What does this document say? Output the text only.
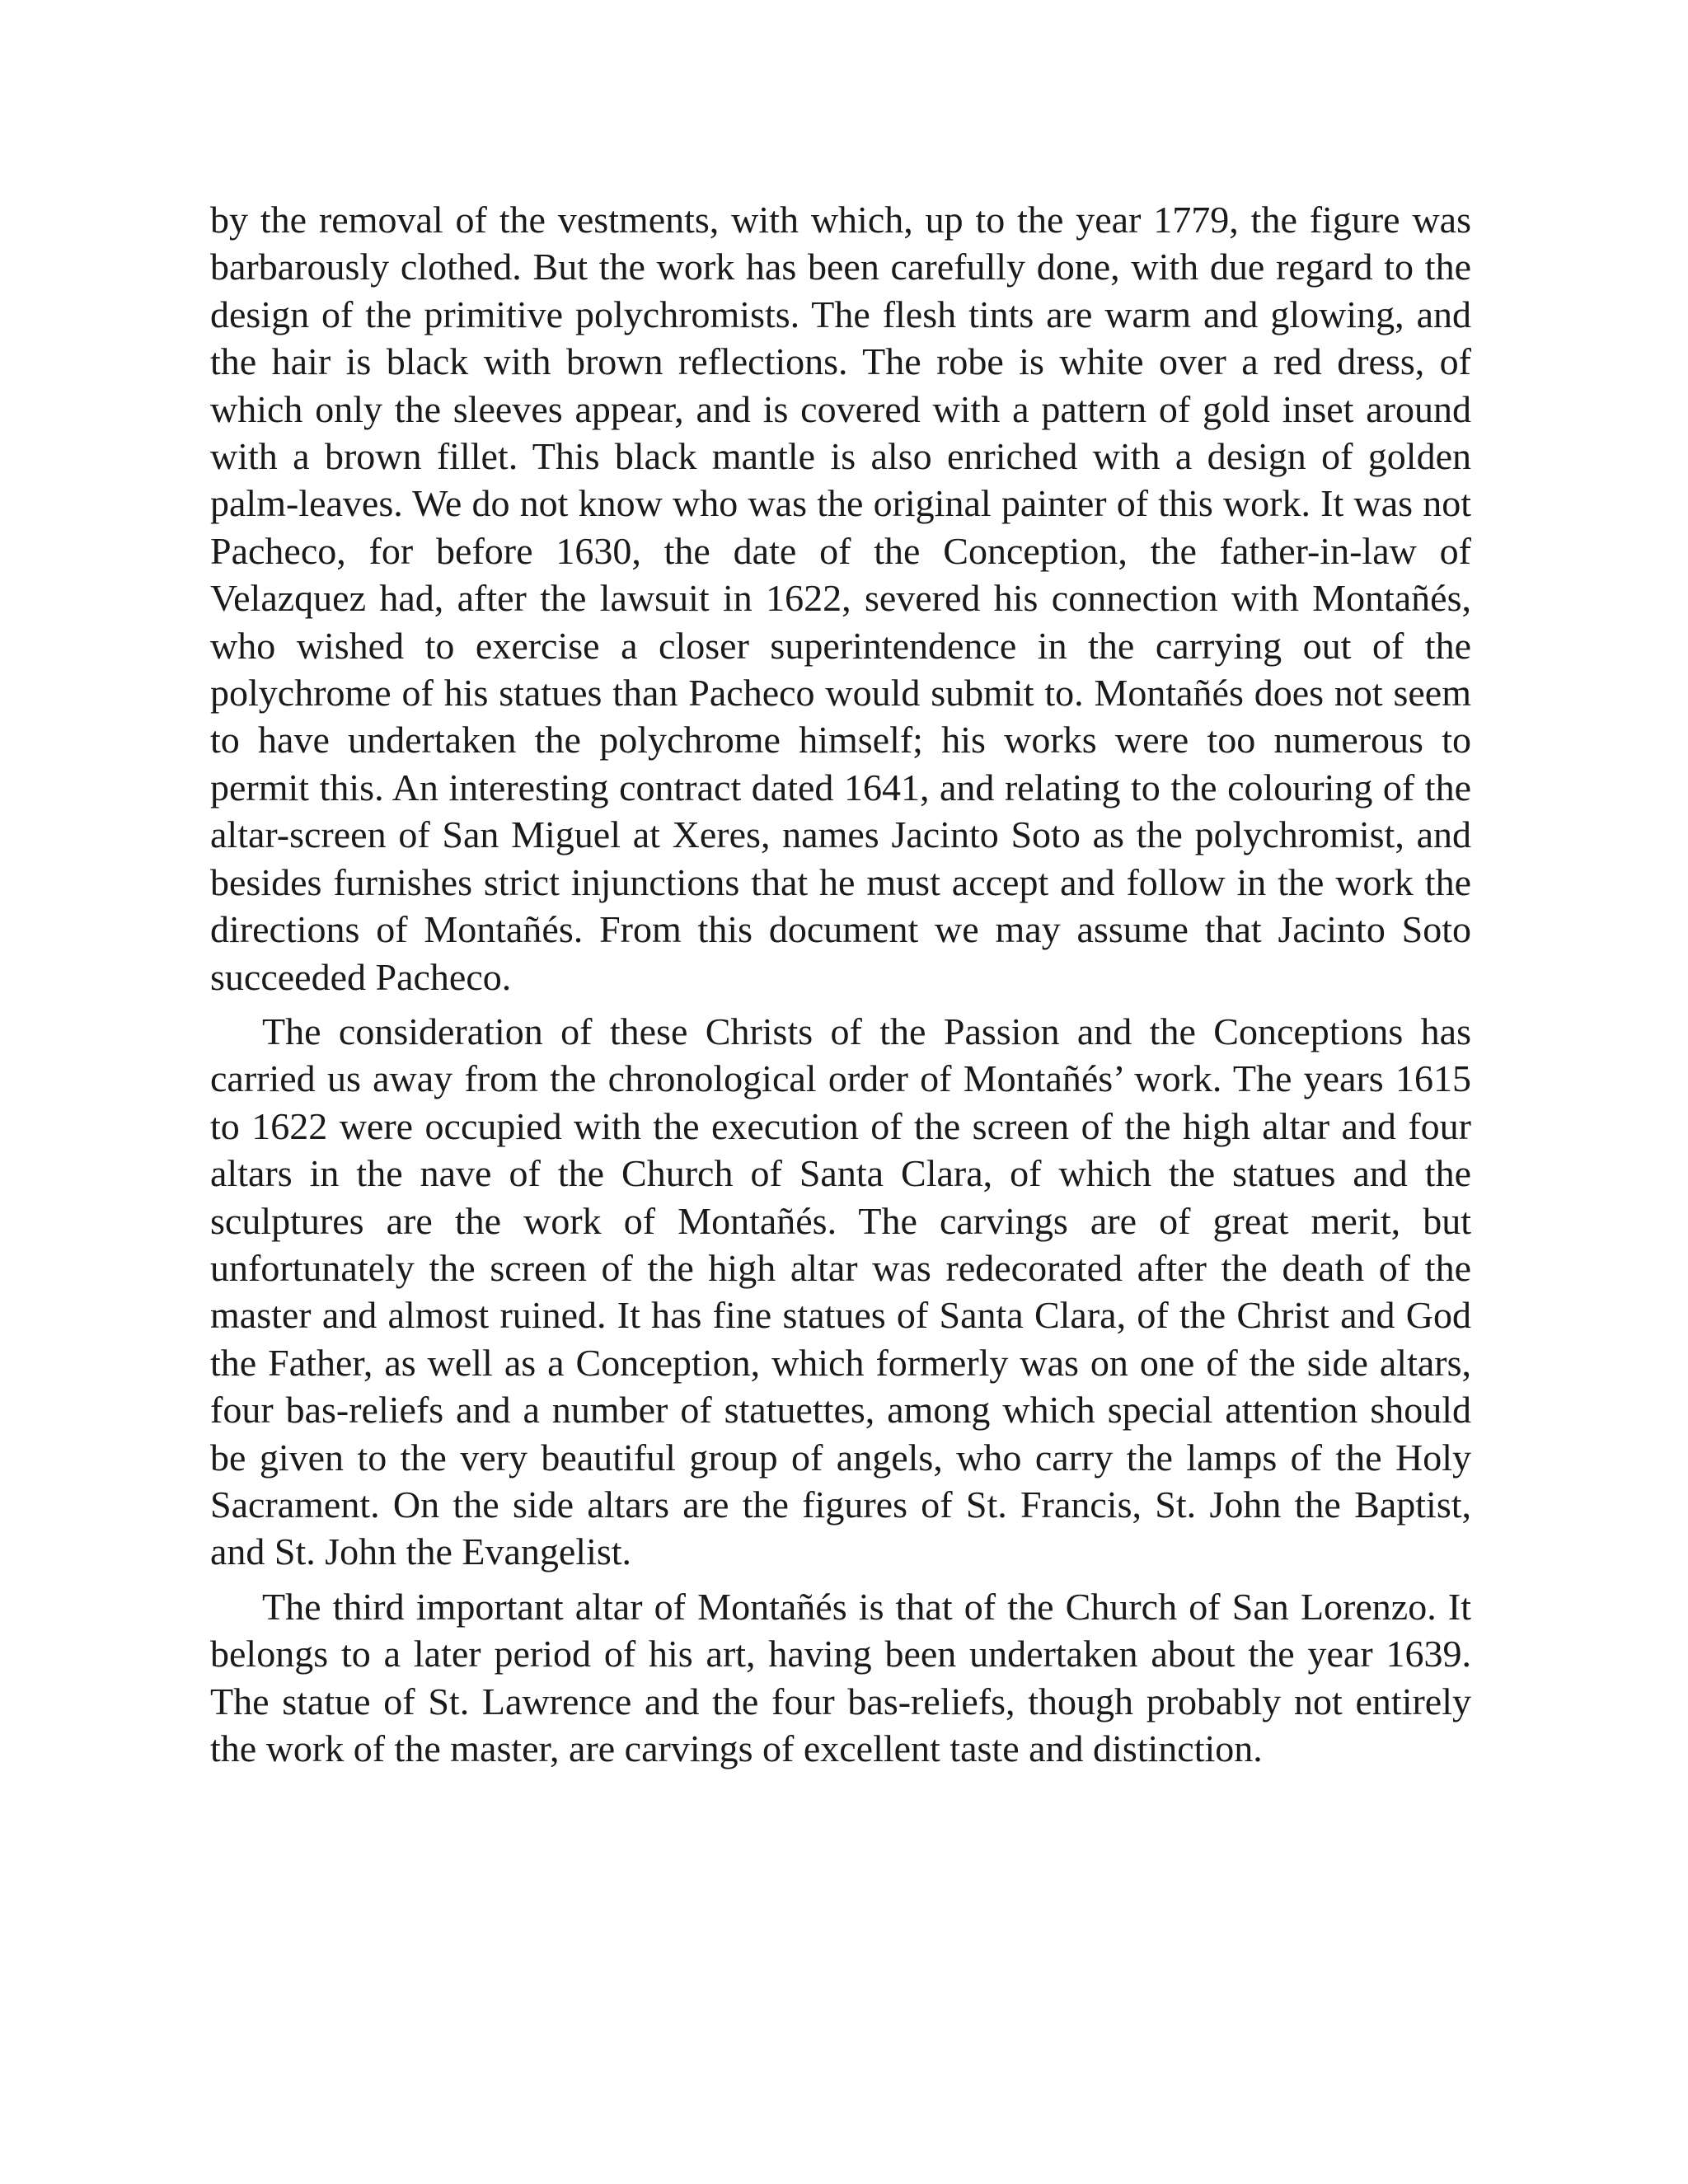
by the removal of the vestments, with which, up to the year 1779, the figure was barbarously clothed. But the work has been carefully done, with due regard to the design of the primitive polychromists. The flesh tints are warm and glowing, and the hair is black with brown reflections. The robe is white over a red dress, of which only the sleeves appear, and is covered with a pattern of gold inset around with a brown fillet. This black mantle is also enriched with a design of golden palm-leaves. We do not know who was the original painter of this work. It was not Pacheco, for before 1630, the date of the Conception, the father-in-law of Velazquez had, after the lawsuit in 1622, severed his connection with Montañés, who wished to exercise a closer superintendence in the carrying out of the polychrome of his statues than Pacheco would submit to. Montañés does not seem to have undertaken the polychrome himself; his works were too numerous to permit this. An interesting contract dated 1641, and relating to the colouring of the altar-screen of San Miguel at Xeres, names Jacinto Soto as the polychromist, and besides furnishes strict injunctions that he must accept and follow in the work the directions of Montañés. From this document we may assume that Jacinto Soto succeeded Pacheco.

The consideration of these Christs of the Passion and the Conceptions has carried us away from the chronological order of Montañés’ work. The years 1615 to 1622 were occupied with the execution of the screen of the high altar and four altars in the nave of the Church of Santa Clara, of which the statues and the sculptures are the work of Montañés. The carvings are of great merit, but unfortunately the screen of the high altar was redecorated after the death of the master and almost ruined. It has fine statues of Santa Clara, of the Christ and God the Father, as well as a Conception, which formerly was on one of the side altars, four bas-reliefs and a number of statuettes, among which special attention should be given to the very beautiful group of angels, who carry the lamps of the Holy Sacrament. On the side altars are the figures of St. Francis, St. John the Baptist, and St. John the Evangelist.

The third important altar of Montañés is that of the Church of San Lorenzo. It belongs to a later period of his art, having been undertaken about the year 1639. The statue of St. Lawrence and the four bas-reliefs, though probably not entirely the work of the master, are carvings of excellent taste and distinction.
